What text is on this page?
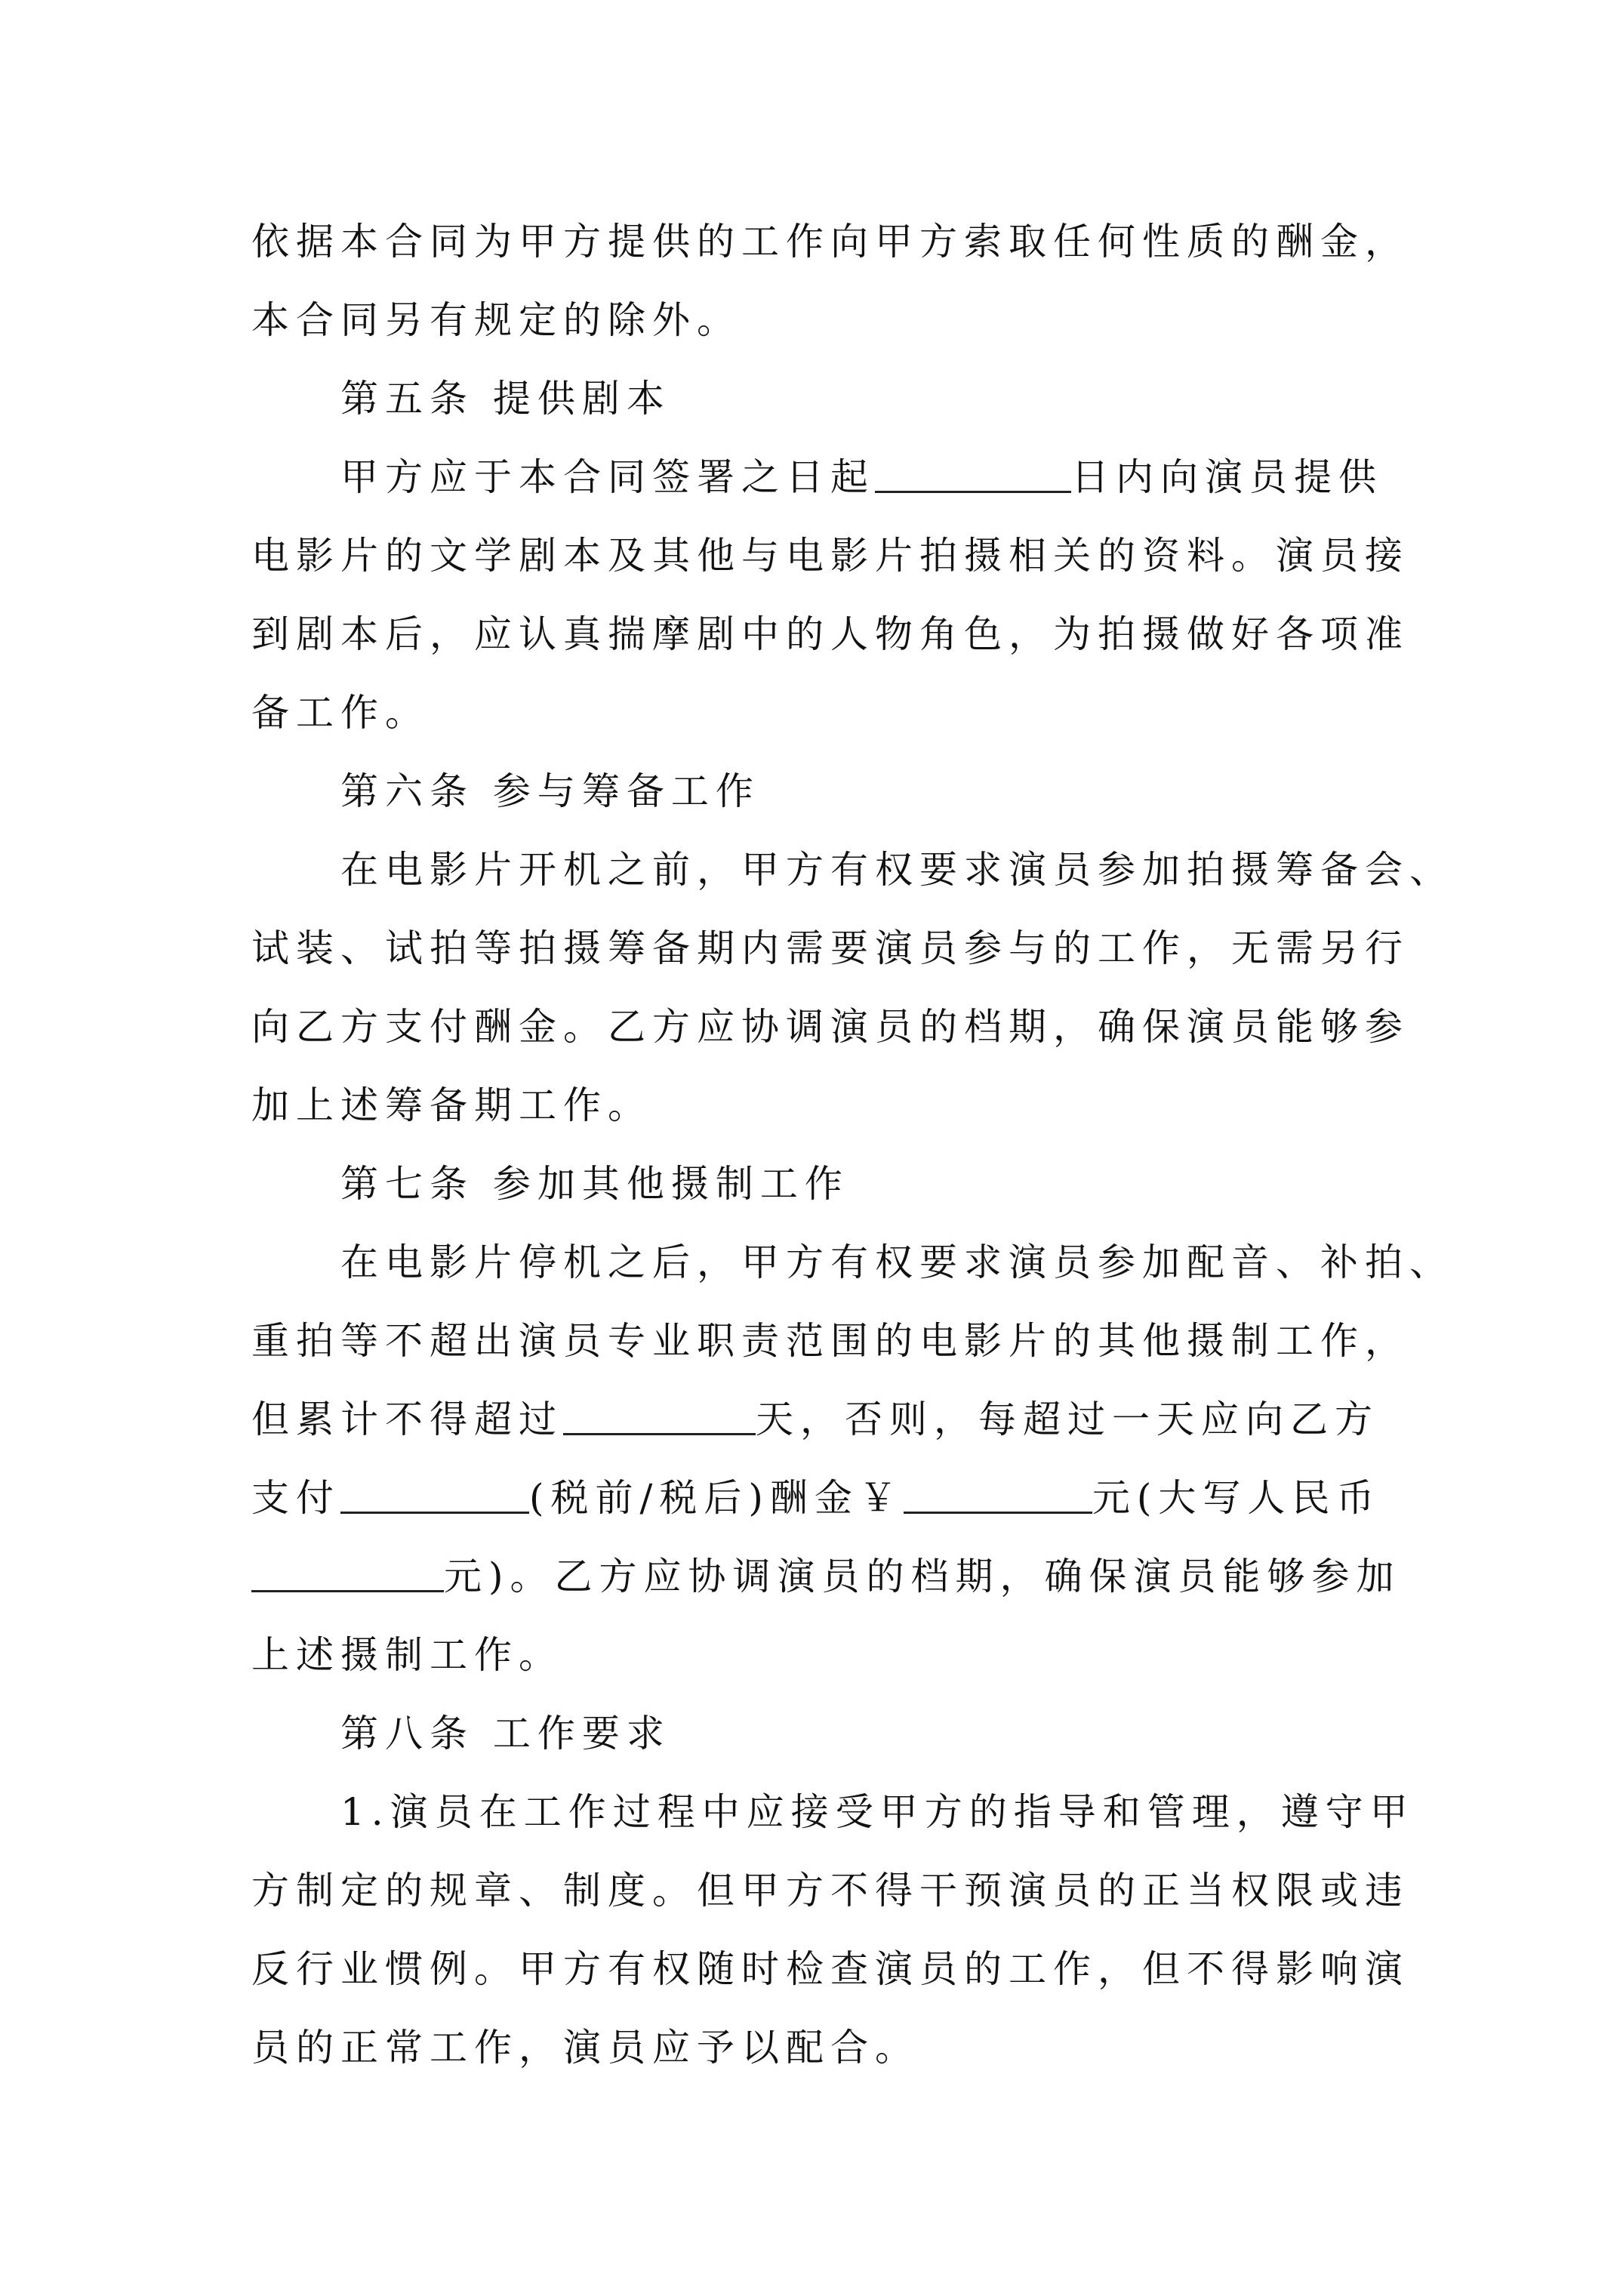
依据本合同为甲方提供的工作向甲方索取任何性质的酬金，
本合同另有规定的除外。
第五条 提供剧本
甲方应于本合同签署之日起	日内向演员提供
电影片的文学剧本及其他与电影片拍摄相关的资料。演员接
到剧本后，应认真揣摩剧中的人物角色，为拍摄做好各项准
备工作。
第六条 参与筹备工作
在电影片开机之前，甲方有权要求演员参加拍摄筹备会、
试装、试拍等拍摄筹备期内需要演员参与的工作，无需另行
向乙方支付酬金。乙方应协调演员的档期，确保演员能够参
加上述筹备期工作。
第七条 参加其他摄制工作
在电影片停机之后，甲方有权要求演员参加配音、补拍、
重拍等不超出演员专业职责范围的电影片的其他摄制工作，
但累计不得超过	天，否则，每超过一天应向乙方
支付	(税前/税后)酬金￥	元(大写人民币
元)。乙方应协调演员的档期，确保演员能够参加
上述摄制工作。
第八条 工作要求
1.演员在工作过程中应接受甲方的指导和管理，遵守甲
方制定的规章、制度。但甲方不得干预演员的正当权限或违
反行业惯例。甲方有权随时检查演员的工作，但不得影响演
员的正常工作，演员应予以配合。
